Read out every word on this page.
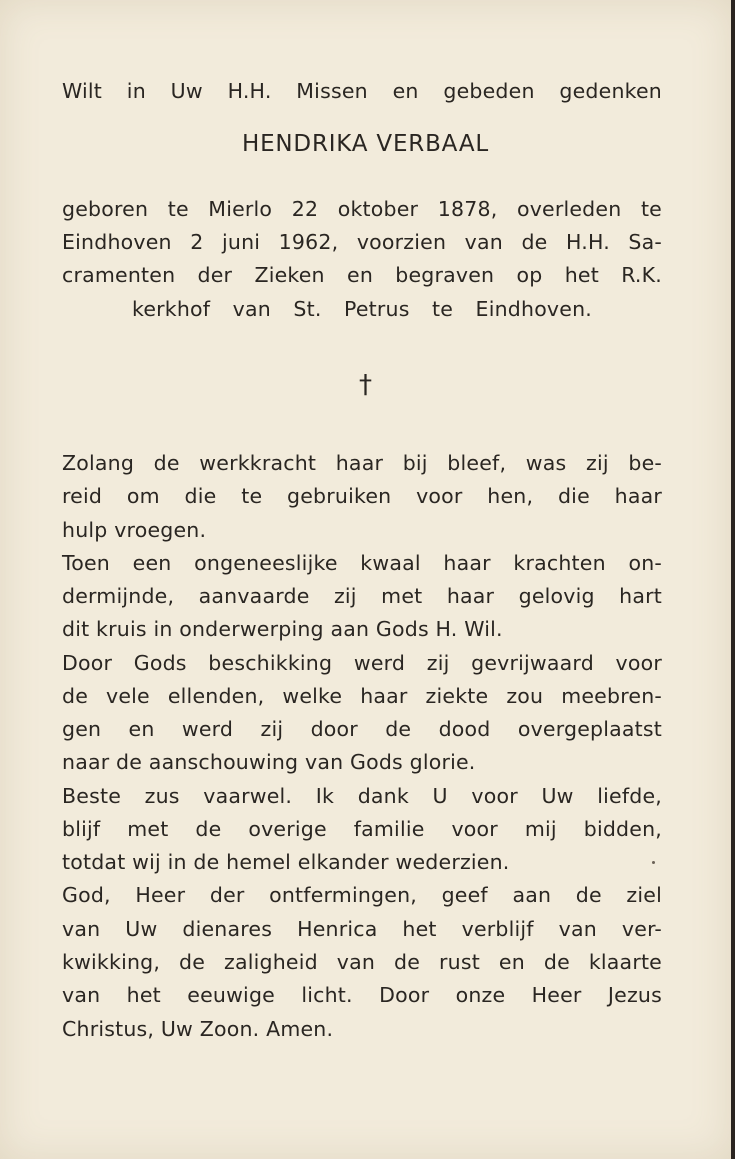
Wilt in Uw H.H. Missen en gebeden gedenken
HENDRIKA VERBAAL
geboren te Mierlo 22 oktober 1878, overleden te
Eindhoven 2 juni 1962, voorzien van de H.H. Sa-
cramenten der Zieken en begraven op het R.K.
kerkhof van St. Petrus te Eindhoven.
†
Zolang de werkkracht haar bij bleef, was zij be-
reid om die te gebruiken voor hen, die haar
hulp vroegen.
Toen een ongeneeslijke kwaal haar krachten on-
dermijnde, aanvaarde zij met haar gelovig hart
dit kruis in onderwerping aan Gods H. Wil.
Door Gods beschikking werd zij gevrijwaard voor
de vele ellenden, welke haar ziekte zou meebren-
gen en werd zij door de dood overgeplaatst
naar de aanschouwing van Gods glorie.
Beste zus vaarwel. Ik dank U voor Uw liefde,
blijf met de overige familie voor mij bidden,
totdat wij in de hemel elkander wederzien.
God, Heer der ontfermingen, geef aan de ziel
van Uw dienares Henrica het verblijf van ver-
kwikking, de zaligheid van de rust en de klaarte
van het eeuwige licht. Door onze Heer Jezus
Christus, Uw Zoon. Amen.
